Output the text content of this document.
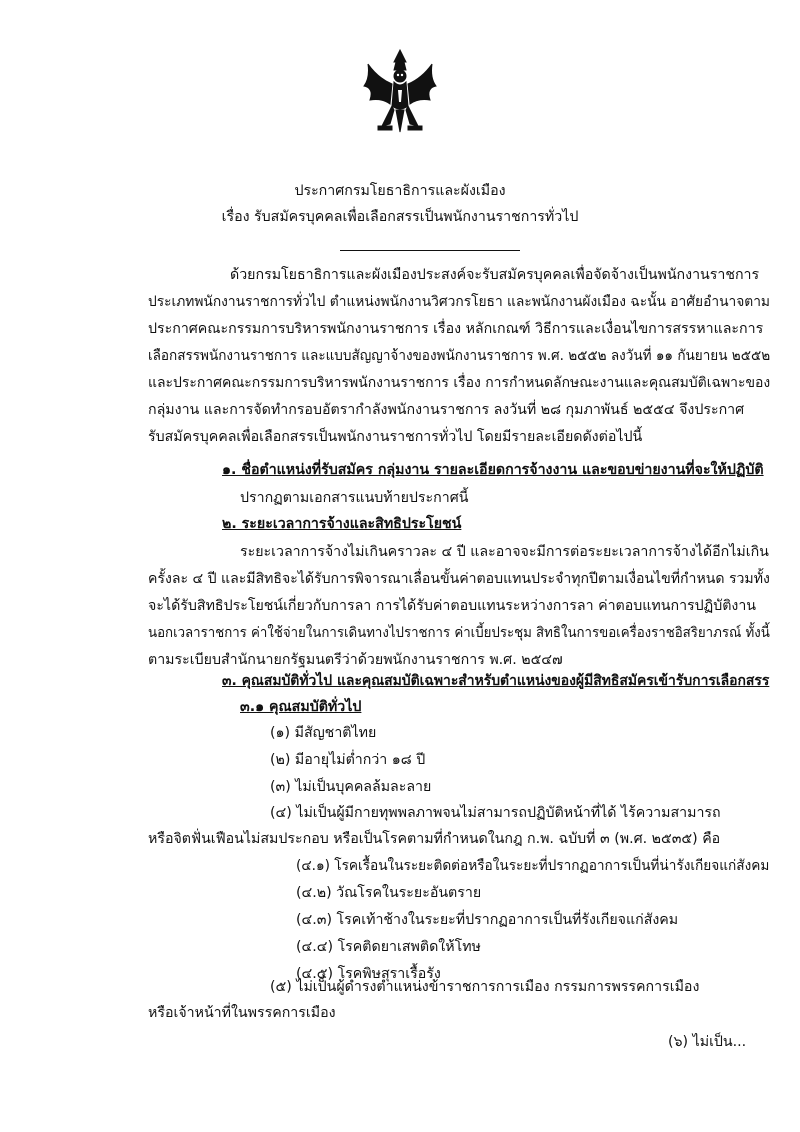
ประกาศกรมโยธาธิการและผังเมือง
เรื่อง รับสมัครบุคคลเพื่อเลือกสรรเป็นพนักงานราชการทั่วไป
ด้วยกรมโยธาธิการและผังเมืองประสงค์จะรับสมัครบุคคลเพื่อจัดจ้างเป็นพนักงานราชการ
ประเภทพนักงานราชการทั่วไป ตำแหน่งพนักงานวิศวกรโยธา และพนักงานผังเมือง ฉะนั้น อาศัยอำนาจตาม
ประกาศคณะกรรมการบริหารพนักงานราชการ เรื่อง หลักเกณฑ์ วิธีการและเงื่อนไขการสรรหาและการ
เลือกสรรพนักงานราชการ และแบบสัญญาจ้างของพนักงานราชการ พ.ศ. ๒๕๕๒ ลงวันที่ ๑๑ กันยายน ๒๕๕๒
และประกาศคณะกรรมการบริหารพนักงานราชการ เรื่อง การกำหนดลักษณะงานและคุณสมบัติเฉพาะของ
กลุ่มงาน และการจัดทำกรอบอัตรากำลังพนักงานราชการ ลงวันที่ ๒๘ กุมภาพันธ์ ๒๕๕๔ จึงประกาศ
รับสมัครบุคคลเพื่อเลือกสรรเป็นพนักงานราชการทั่วไป โดยมีรายละเอียดดังต่อไปนี้
๑. ชื่อตำแหน่งที่รับสมัคร กลุ่มงาน รายละเอียดการจ้างงาน และขอบข่ายงานที่จะให้ปฏิบัติ
ปรากฏตามเอกสารแนบท้ายประกาศนี้
๒. ระยะเวลาการจ้างและสิทธิประโยชน์
ระยะเวลาการจ้างไม่เกินคราวละ ๔ ปี และอาจจะมีการต่อระยะเวลาการจ้างได้อีกไม่เกิน
ครั้งละ ๔ ปี และมีสิทธิจะได้รับการพิจารณาเลื่อนขั้นค่าตอบแทนประจำทุกปีตามเงื่อนไขที่กำหนด รวมทั้ง
จะได้รับสิทธิประโยชน์เกี่ยวกับการลา การได้รับค่าตอบแทนระหว่างการลา ค่าตอบแทนการปฏิบัติงาน
นอกเวลาราชการ ค่าใช้จ่ายในการเดินทางไปราชการ ค่าเบี้ยประชุม สิทธิในการขอเครื่องราชอิสริยาภรณ์ ทั้งนี้
ตามระเบียบสำนักนายกรัฐมนตรีว่าด้วยพนักงานราชการ พ.ศ. ๒๕๔๗
๓. คุณสมบัติทั่วไป และคุณสมบัติเฉพาะสำหรับตำแหน่งของผู้มีสิทธิสมัครเข้ารับการเลือกสรร
๓.๑ คุณสมบัติทั่วไป
(๑) มีสัญชาติไทย
(๒) มีอายุไม่ต่ำกว่า ๑๘ ปี
(๓) ไม่เป็นบุคคลล้มละลาย
(๔) ไม่เป็นผู้มีกายทุพพลภาพจนไม่สามารถปฏิบัติหน้าที่ได้ ไร้ความสามารถ
หรือจิตฟั่นเฟือนไม่สมประกอบ หรือเป็นโรคตามที่กำหนดในกฎ ก.พ. ฉบับที่ ๓ (พ.ศ. ๒๕๓๕) คือ
(๔.๑) โรคเรื้อนในระยะติดต่อหรือในระยะที่ปรากฏอาการเป็นที่น่ารังเกียจแก่สังคม
(๔.๒) วัณโรคในระยะอันตราย
(๔.๓) โรคเท้าช้างในระยะที่ปรากฏอาการเป็นที่รังเกียจแก่สังคม
(๔.๔) โรคติดยาเสพติดให้โทษ
(๔.๕) โรคพิษสุราเรื้อรัง
(๕) ไม่เป็นผู้ดำรงตำแหน่งข้าราชการการเมือง กรรมการพรรคการเมือง
หรือเจ้าหน้าที่ในพรรคการเมือง
(๖) ไม่เป็น...
